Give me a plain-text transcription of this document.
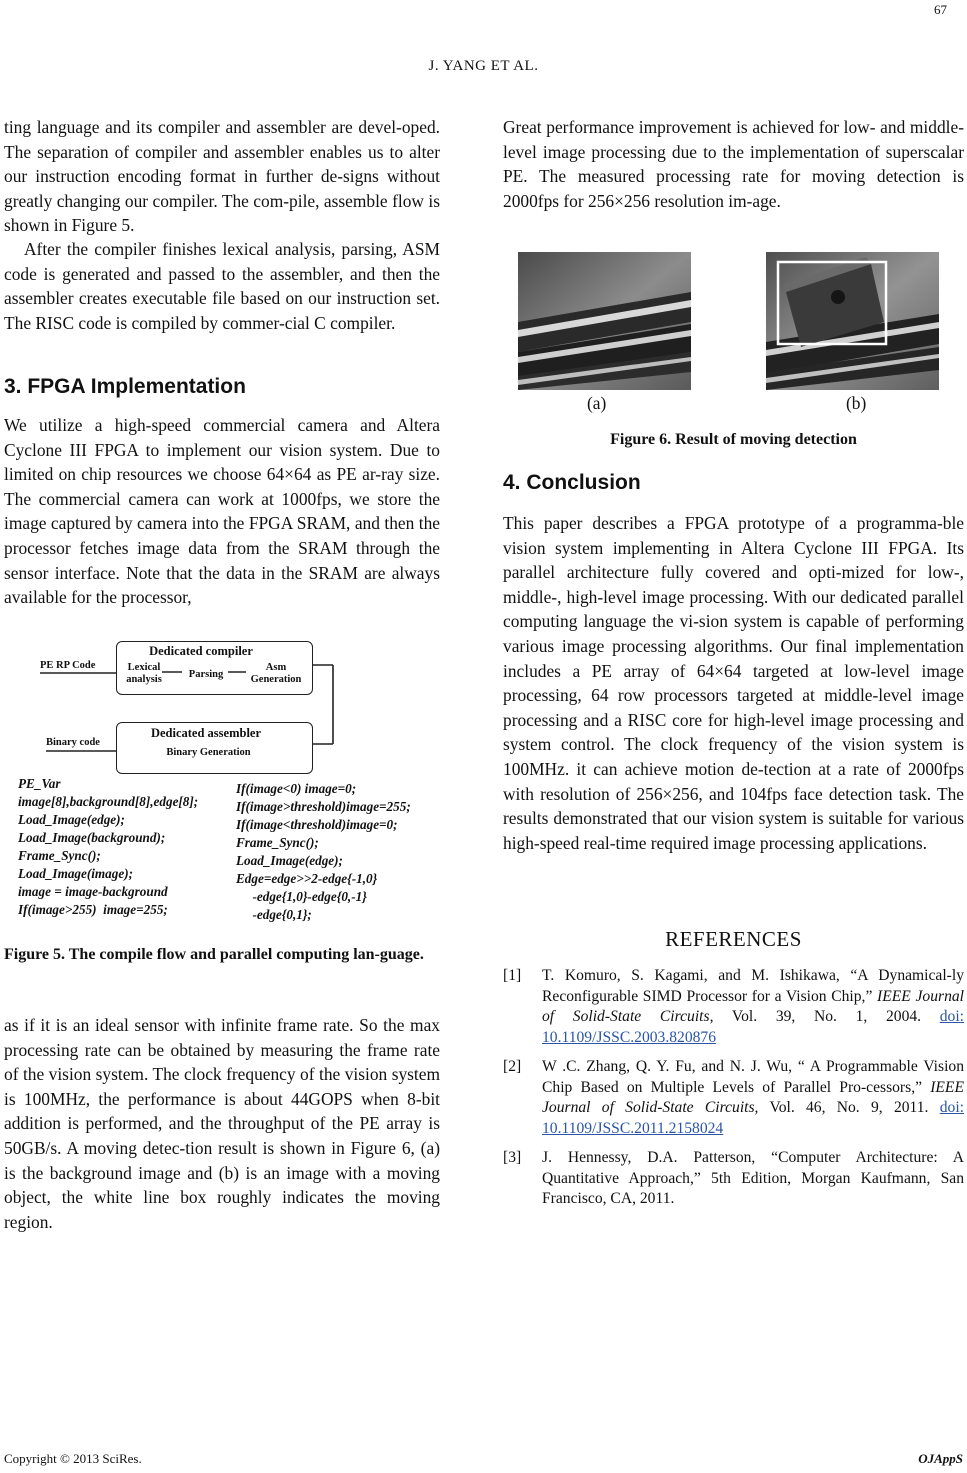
67
J. YANG ET AL.

ting language and its compiler and assembler are devel-oped. The separation of compiler and assembler enables us to alter our instruction encoding format in further de-signs without greatly changing our compiler. The com-pile, assemble flow is shown in Figure 5.

After the compiler finishes lexical analysis, parsing, ASM code is generated and passed to the assembler, and then the assembler creates executable file based on our instruction set. The RISC code is compiled by commer-cial C compiler.

3. FPGA Implementation

We utilize a high-speed commercial camera and Altera Cyclone III FPGA to implement our vision system. Due to limited on chip resources we choose 64×64 as PE ar-ray size. The commercial camera can work at 1000fps, we store the image captured by camera into the FPGA SRAM, and then the processor fetches image data from the SRAM through the sensor interface. Note that the data in the SRAM are always available for the processor,

PE RP Code
Binary code
Dedicated compiler
Lexical analysis	Parsing
Asm Generation
Dedicated assembler
Binary Generation
PE_Var
image[8],background[8],edge[8];
Load_Image(edge);
Load_Image(background);
Frame_Sync();
Load_Image(image);
image = image-background
If(image>255)  image=255;
If(image<0) image=0;
If(image>threshold)image=255;
If(image<threshold)image=0;
Frame_Sync();
Load_Image(edge);
Edge=edge>>2-edge{-1,0}
-edge{1,0}-edge{0,-1}
-edge{0,1};

Figure 5. The compile flow and parallel computing lan-guage.

as if it is an ideal sensor with infinite frame rate. So the max processing rate can be obtained by measuring the frame rate of the vision system. The clock frequency of the vision system is 100MHz, the performance is about 44GOPS when 8-bit addition is performed, and the throughput of the PE array is 50GB/s. A moving detec-tion result is shown in Figure 6, (a) is the background image and (b) is an image with a moving object, the white line box roughly indicates the moving region.

Great performance improvement is achieved for low- and middle-level image processing due to the implementation of superscalar PE. The measured processing rate for moving detection is 2000fps for 256×256 resolution im-age.

(a)	(b)
Figure 6. Result of moving detection
4. Conclusion

This paper describes a FPGA prototype of a programma-ble vision system implementing in Altera Cyclone III FPGA. Its parallel architecture fully covered and opti-mized for low-, middle-, high-level image processing. With our dedicated parallel computing language the vi-sion system is capable of performing various image processing algorithms. Our final implementation includes a PE array of 64×64 targeted at low-level image processing, 64 row processors targeted at middle-level image processing and a RISC core for high-level image processing and system control. The clock frequency of the vision system is 100MHz. it can achieve motion de-tection at a rate of 2000fps with resolution of 256×256, and 104fps face detection task. The results demonstrated that our vision system is suitable for various high-speed real-time required image processing applications.

REFERENCES
[1] T. Komuro, S. Kagami, and M. Ishikawa, “A Dynamical-ly Reconfigurable SIMD Processor for a Vision Chip,” IEEE Journal of Solid-State Circuits, Vol. 39, No. 1, 2004. doi: 10.1109/JSSC.2003.820876
[2] W .C. Zhang, Q. Y. Fu, and N. J. Wu, “ A Programmable Vision Chip Based on Multiple Levels of Parallel Pro-cessors,” IEEE Journal of Solid-State Circuits, Vol. 46, No. 9, 2011. doi: 10.1109/JSSC.2011.2158024
[3] J. Hennessy, D.A. Patterson, “Computer Architecture: A Quantitative Approach,” 5th Edition, Morgan Kaufmann, San Francisco, CA, 2011.
Copyright © 2013 SciRes.	OJAppS
